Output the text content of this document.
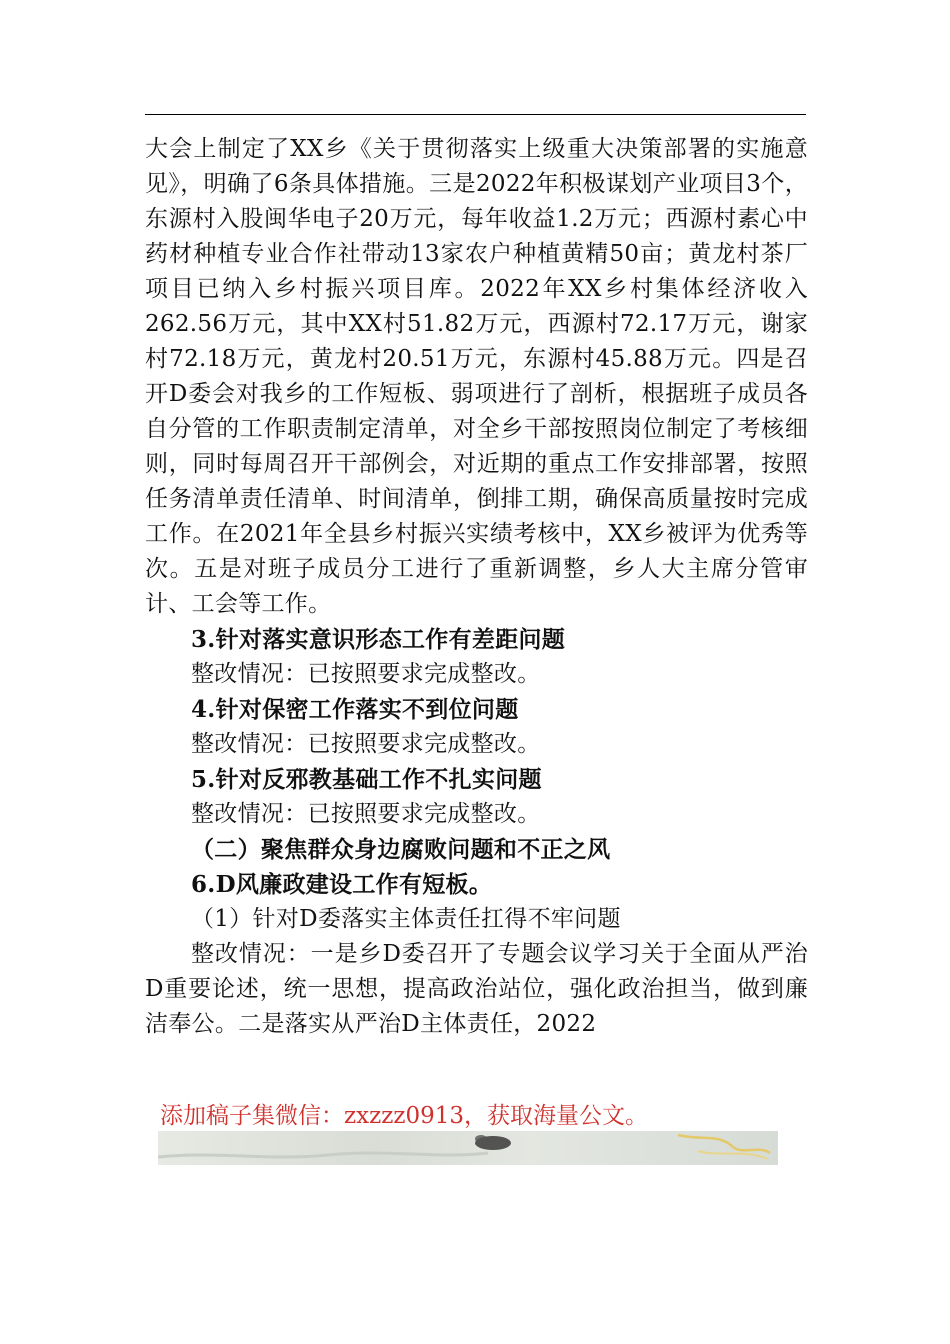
大会上制定了XX乡《关于贯彻落实上级重大决策部署的实施意见》，明确了6条具体措施。三是2022年积极谋划产业项目3个，东源村入股闽华电子20万元，每年收益1.2万元；西源村素心中药材种植专业合作社带动13家农户种植黄精50亩；黄龙村茶厂项目已纳入乡村振兴项目库。2022年XX乡村集体经济收入262.56万元，其中XX村51.82万元，西源村72.17万元，谢家村72.18万元，黄龙村20.51万元，东源村45.88万元。四是召开D委会对我乡的工作短板、弱项进行了剖析，根据班子成员各自分管的工作职责制定清单，对全乡干部按照岗位制定了考核细则，同时每周召开干部例会，对近期的重点工作安排部署，按照任务清单责任清单、时间清单，倒排工期，确保高质量按时完成工作。在2021年全县乡村振兴实绩考核中，XX乡被评为优秀等次。五是对班子成员分工进行了重新调整，乡人大主席分管审计、工会等工作。

3.针对落实意识形态工作有差距问题

整改情况：已按照要求完成整改。

4.针对保密工作落实不到位问题

整改情况：已按照要求完成整改。

5.针对反邪教基础工作不扎实问题

整改情况：已按照要求完成整改。

（二）聚焦群众身边腐败问题和不正之风

6.D风廉政建设工作有短板。

（1）针对D委落实主体责任扛得不牢问题

整改情况：一是乡D委召开了专题会议学习关于全面从严治D重要论述，统一思想，提高政治站位，强化政治担当，做到廉洁奉公。二是落实从严治D主体责任，2022

添加稿子集微信：zxzzz0913，获取海量公文。
